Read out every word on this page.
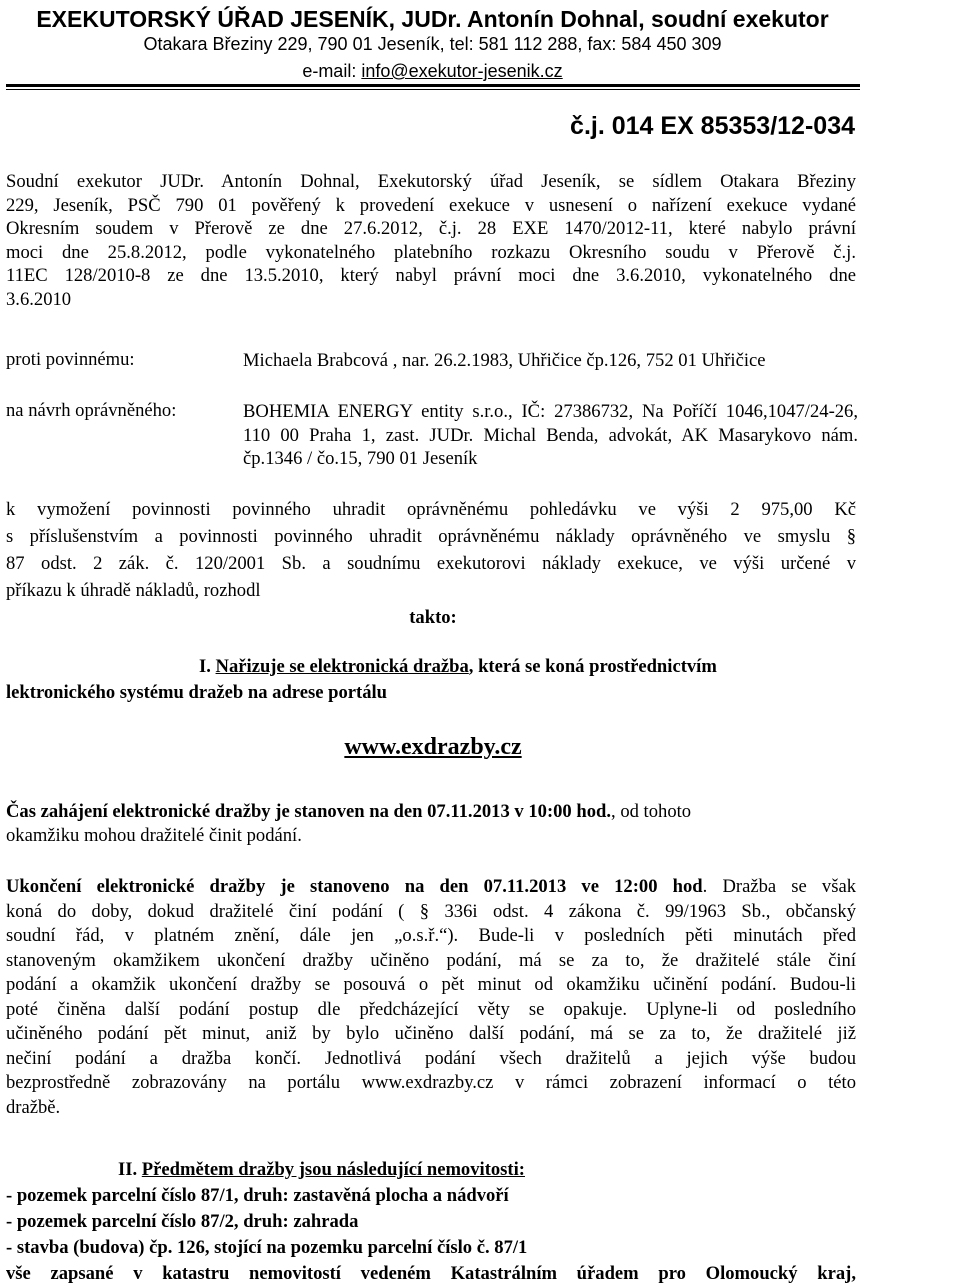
EXEKUTORSKÝ ÚŘAD JESENÍK, JUDr. Antonín Dohnal, soudní exekutor
Otakara Březiny 229, 790 01 Jeseník, tel: 581 112 288, fax: 584 450 309
e-mail: info@exekutor-jesenik.cz
č.j. 014 EX 85353/12-034
Soudní exekutor JUDr. Antonín Dohnal, Exekutorský úřad Jeseník, se sídlem Otakara Březiny
229, Jeseník, PSČ 790 01 pověřený k provedení exekuce v usnesení o nařízení exekuce vydané
Okresním soudem v Přerově ze dne 27.6.2012, č.j. 28 EXE 1470/2012-11, které nabylo právní
moci dne 25.8.2012, podle vykonatelného platebního rozkazu Okresního soudu v Přerově č.j.
11EC 128/2010-8 ze dne 13.5.2010, který nabyl právní moci dne 3.6.2010, vykonatelného dne
3.6.2010
proti povinnému:	Michaela Brabcová , nar. 26.2.1983, Uhřičice čp.126, 752 01 Uhřičice
na návrh oprávněného:	BOHEMIA ENERGY entity s.r.o., IČ: 27386732, Na Poříčí 1046,1047/24-26,
110 00 Praha 1, zast. JUDr. Michal Benda, advokát, AK Masarykovo nám.
čp.1346 / čo.15, 790 01 Jeseník
k vymožení povinnosti povinného uhradit oprávněnému pohledávku ve výši 2 975,00 Kč
s příslušenstvím a povinnosti povinného uhradit oprávněnému náklady oprávněného ve smyslu §
87 odst. 2 zák. č. 120/2001 Sb. a soudnímu exekutorovi náklady exekuce, ve výši určené v
příkazu k úhradě nákladů, rozhodl
takto:
I. Nařizuje se elektronická dražba, která se koná prostřednictvím
lektronického systému dražeb na adrese portálu
www.exdrazby.cz
Čas zahájení elektronické dražby je stanoven na den 07.11.2013 v 10:00 hod., od tohoto
okamžiku mohou dražitelé činit podání.
Ukončení elektronické dražby je stanoveno na den 07.11.2013 ve 12:00 hod. Dražba se však
koná do doby, dokud dražitelé činí podání ( § 336i odst. 4 zákona č. 99/1963 Sb., občanský
soudní řád, v platném znění, dále jen „o.s.ř.“). Bude-li v posledních pěti minutách před
stanoveným okamžikem ukončení dražby učiněno podání, má se za to, že dražitelé stále činí
podání a okamžik ukončení dražby se posouvá o pět minut od okamžiku učinění podání. Budou-li
poté činěna další podání postup dle předcházející věty se opakuje. Uplyne-li od posledního
učiněného podání pět minut, aniž by bylo učiněno další podání, má se za to, že dražitelé již
nečiní podání a dražba končí. Jednotlivá podání všech dražitelů a jejich výše budou
bezprostředně zobrazovány na portálu www.exdrazby.cz v rámci zobrazení informací o této
dražbě.
II. Předmětem dražby jsou následující nemovitosti:
- pozemek parcelní číslo 87/1, druh: zastavěná plocha a nádvoří
- pozemek parcelní číslo 87/2, druh: zahrada
- stavba (budova) čp. 126, stojící na pozemku parcelní číslo č. 87/1
vše zapsané v katastru nemovitostí vedeném Katastrálním úřadem pro Olomoucký kraj,
